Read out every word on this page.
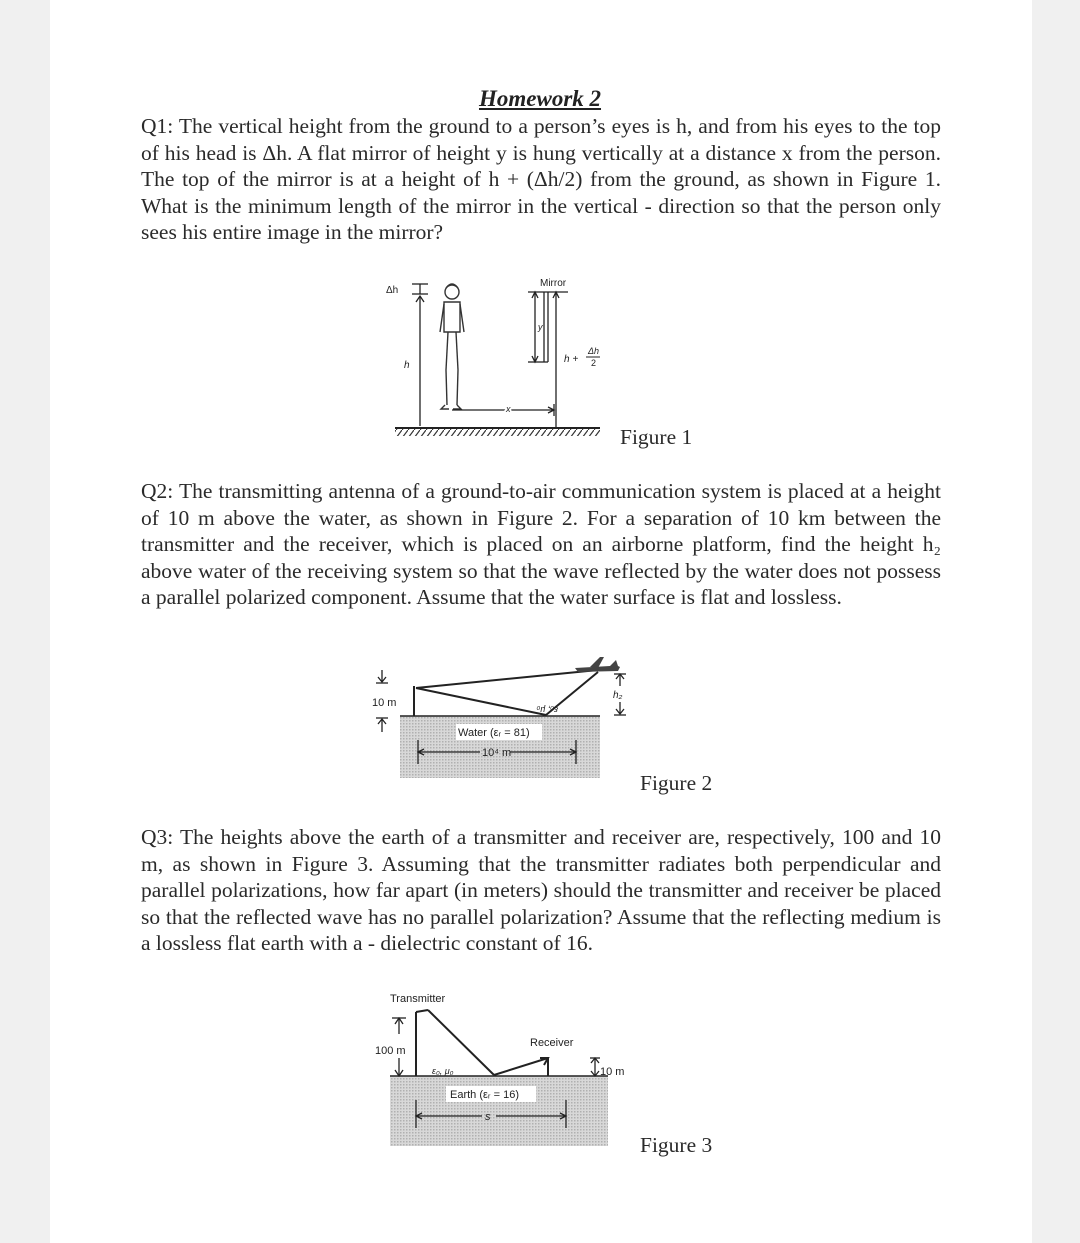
Homework 2
Q1: The vertical height from the ground to a person’s eyes is h, and from his eyes to the top of his head is Δh. A flat mirror of height y is hung vertically at a distance x from the person. The top of the mirror is at a height of h + (Δh/2) from the ground, as shown in Figure 1. What is the minimum length of the mirror in the vertical - direction so that the person only sees his entire image in the mirror?
Δh
h
Mirror
y
h +
Δh
2
x
Figure 1
Q2: The transmitting antenna of a ground-to-air communication system is placed at a height of 10 m above the water, as shown in Figure 2. For a separation of 10 km between the transmitter and the receiver, which is placed on an airborne platform, find the height h₂ above water of the receiving system so that the wave reflected by the water does not possess a parallel polarized component. Assume that the water surface is flat and lossless.
10 m
h₂
ε₀, μ₀
Water (εᵣ = 81)
10⁴ m
Figure 2
Q3: The heights above the earth of a transmitter and receiver are, respectively, 100 and 10 m, as shown in Figure 3. Assuming that the transmitter radiates both perpendicular and parallel polarizations, how far apart (in meters) should the transmitter and receiver be placed so that the reflected wave has no parallel polarization? Assume that the reflecting medium is a lossless flat earth with a - dielectric constant of 16.
Transmitter
Receiver
100 m
10 m
ε₀, μ₀
Earth (εᵣ = 16)
s
Figure 3
